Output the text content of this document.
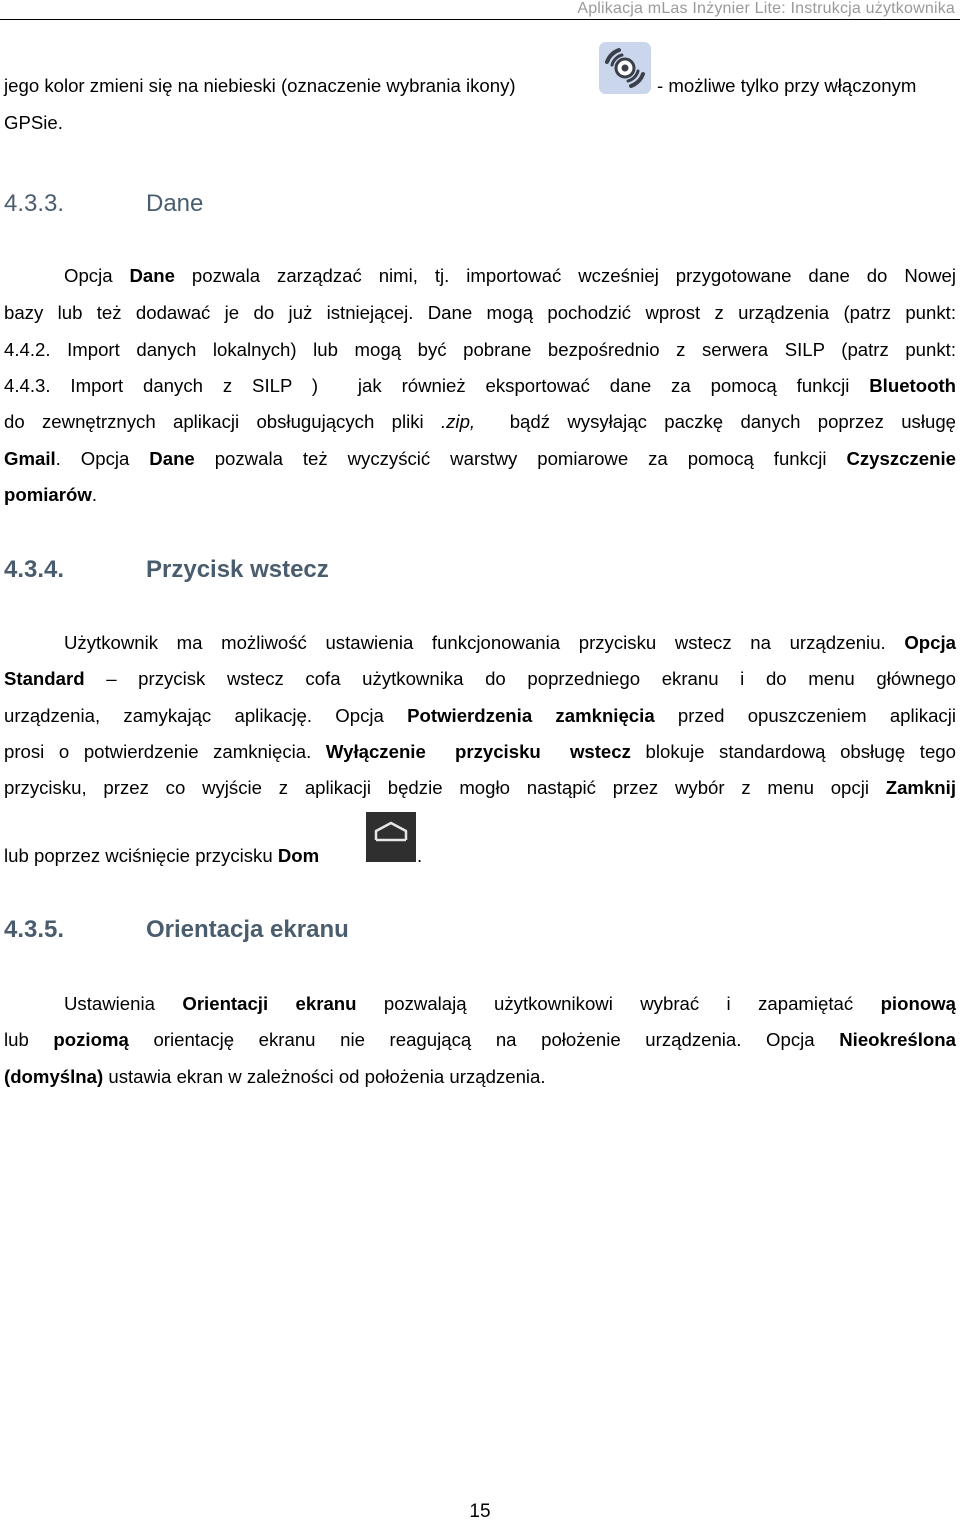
Aplikacja mLas Inżynier Lite: Instrukcja użytkownika
jego kolor zmieni się na niebieski (oznaczenie wybrania ikony)	- możliwe tylko przy włączonym
GPSie.
4.3.3.	Dane
Opcja Dane pozwala zarządzać nimi, tj. importować wcześniej przygotowane dane do Nowej
bazy lub też dodawać je do już istniejącej. Dane mogą pochodzić wprost z urządzenia (patrz punkt:
4.4.2. Import danych lokalnych) lub mogą być pobrane bezpośrednio z serwera SILP (patrz punkt:
4.4.3. Import danych z SILP )  jak również eksportować dane za pomocą funkcji Bluetooth
do zewnętrznych aplikacji obsługujących pliki .zip,  bądź wysyłając paczkę danych poprzez usługę
Gmail. Opcja Dane pozwala też wyczyścić warstwy pomiarowe za pomocą funkcji Czyszczenie
pomiarów.
4.3.4.	Przycisk wstecz
Użytkownik ma możliwość ustawienia funkcjonowania przycisku wstecz na urządzeniu. Opcja
Standard – przycisk wstecz cofa użytkownika do poprzedniego ekranu i do menu głównego
urządzenia, zamykając aplikację. Opcja Potwierdzenia zamknięcia przed opuszczeniem aplikacji
prosi o potwierdzenie zamknięcia. Wyłączenie  przycisku  wstecz blokuje standardową obsługę tego
przycisku, przez co wyjście z aplikacji będzie mogło nastąpić przez wybór z menu opcji Zamknij
lub poprzez wciśnięcie przycisku Dom	.
4.3.5.	Orientacja ekranu
Ustawienia Orientacji ekranu pozwalają użytkownikowi wybrać i zapamiętać pionową
lub poziomą orientację ekranu nie reagującą na położenie urządzenia. Opcja Nieokreślona
(domyślna) ustawia ekran w zależności od położenia urządzenia.
15
